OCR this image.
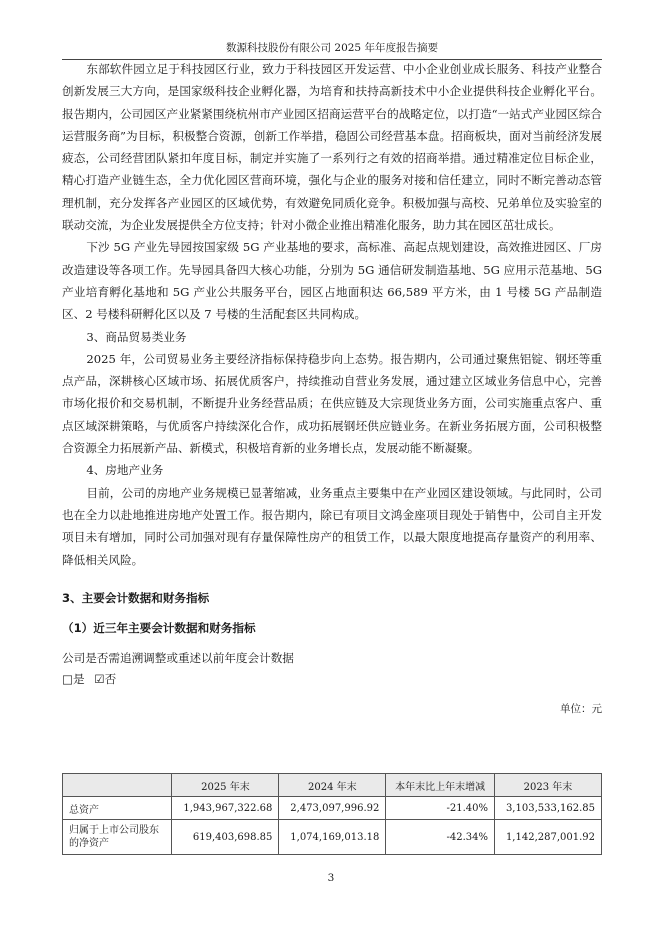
数源科技股份有限公司 2025 年年度报告摘要

东部软件园立足于科技园区行业，致力于科技园区开发运营、中小企业创业成长服务、科技产业整合创新发展三大方向，是国家级科技企业孵化器，为培育和扶持高新技术中小企业提供科技企业孵化平台。报告期内，公司园区产业紧紧围绕杭州市产业园区招商运营平台的战略定位，以打造“一站式产业园区综合运营服务商”为目标，积极整合资源，创新工作举措，稳固公司经营基本盘。招商板块，面对当前经济发展疲态，公司经营团队紧扣年度目标，制定并实施了一系列行之有效的招商举措。通过精准定位目标企业，精心打造产业链生态，全力优化园区营商环境，强化与企业的服务对接和信任建立，同时不断完善动态管理机制，充分发挥各产业园区的区域优势，有效避免同质化竞争。积极加强与高校、兄弟单位及实验室的联动交流，为企业发展提供全方位支持；针对小微企业推出精准化服务，助力其在园区茁壮成长。

下沙 5G 产业先导园按国家级 5G 产业基地的要求，高标准、高起点规划建设，高效推进园区、厂房改造建设等各项工作。先导园具备四大核心功能，分别为 5G 通信研发制造基地、5G 应用示范基地、5G 产业培育孵化基地和 5G 产业公共服务平台，园区占地面积达 66,589 平方米，由 1 号楼 5G 产品制造区、2 号楼科研孵化区以及 7 号楼的生活配套区共同构成。

3、商品贸易类业务

2025 年，公司贸易业务主要经济指标保持稳步向上态势。报告期内，公司通过聚焦铝锭、钢坯等重点产品，深耕核心区域市场、拓展优质客户，持续推动自营业务发展，通过建立区域业务信息中心，完善市场化报价和交易机制，不断提升业务经营品质；在供应链及大宗现货业务方面，公司实施重点客户、重点区域深耕策略，与优质客户持续深化合作，成功拓展钢坯供应链业务。在新业务拓展方面，公司积极整合资源全力拓展新产品、新模式，积极培育新的业务增长点，发展动能不断凝聚。

4、房地产业务

目前，公司的房地产业务规模已显著缩减，业务重点主要集中在产业园区建设领域。与此同时，公司也在全力以赴地推进房地产处置工作。报告期内，除已有项目文鸿金座项目现处于销售中，公司自主开发项目未有增加，同时公司加强对现有存量保障性房产的租赁工作，以最大限度地提高存量资产的利用率、降低相关风险。

3、主要会计数据和财务指标
（1）近三年主要会计数据和财务指标

公司是否需追溯调整或重述以前年度会计数据

□是 ☑否

单位：元
	2025 年末	2024 年末	本年末比上年末增减	2023 年末
总资产	1,943,967,322.68	2,473,097,996.92	-21.40%	3,103,533,162.85
归属于上市公司股东的净资产	619,403,698.85	1,074,169,013.18	-42.34%	1,142,287,001.92
3
